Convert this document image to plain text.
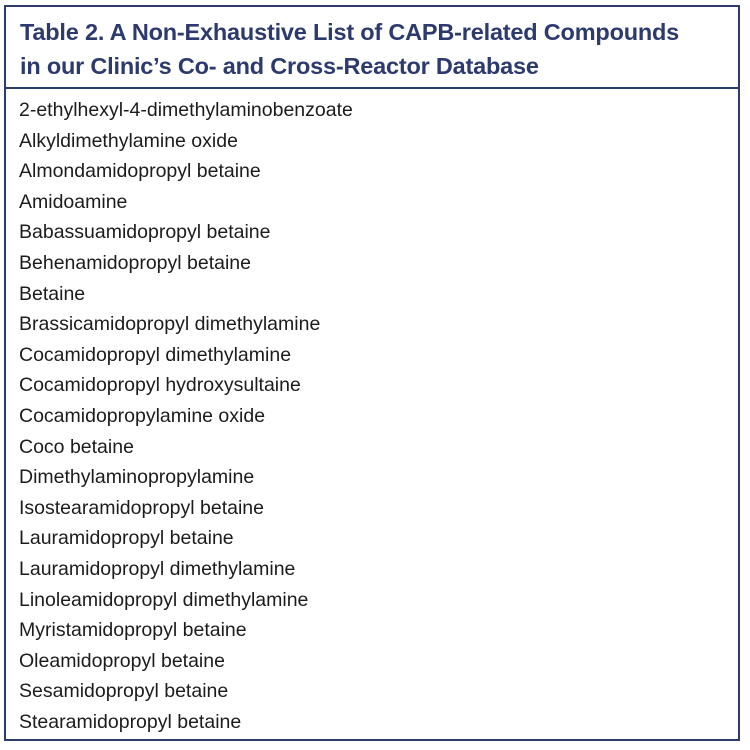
Table 2. A Non-Exhaustive List of CAPB-related Compounds
in our Clinic’s Co- and Cross-Reactor Database
2-ethylhexyl-4-dimethylaminobenzoate
Alkyldimethylamine oxide
Almondamidopropyl betaine
Amidoamine
Babassuamidopropyl betaine
Behenamidopropyl betaine
Betaine
Brassicamidopropyl dimethylamine
Cocamidopropyl dimethylamine
Cocamidopropyl hydroxysultaine
Cocamidopropylamine oxide
Coco betaine
Dimethylaminopropylamine
Isostearamidopropyl betaine
Lauramidopropyl betaine
Lauramidopropyl dimethylamine
Linoleamidopropyl dimethylamine
Myristamidopropyl betaine
Oleamidopropyl betaine
Sesamidopropyl betaine
Stearamidopropyl betaine
